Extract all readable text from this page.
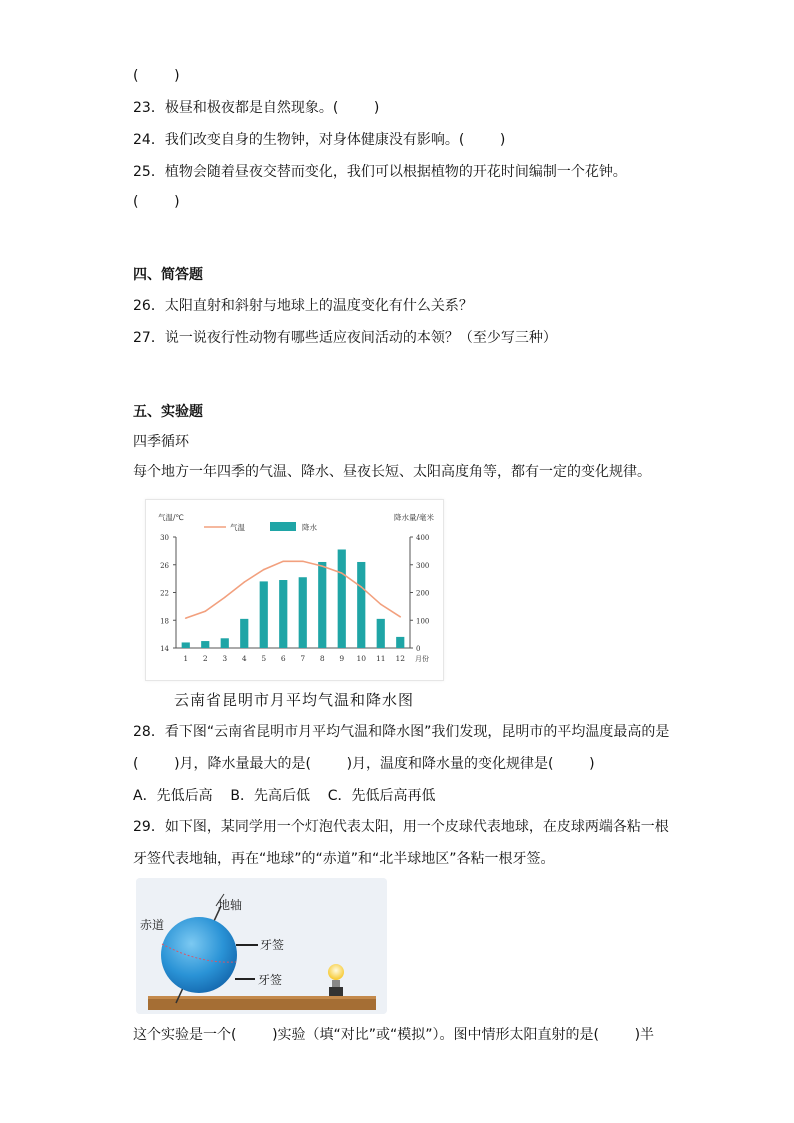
(        )
23．极昼和极夜都是自然现象。(        )
24．我们改变自身的生物钟，对身体健康没有影响。(        )
25．植物会随着昼夜交替而变化，我们可以根据植物的开花时间编制一个花钟。
(        )
四、简答题
26．太阳直射和斜射与地球上的温度变化有什么关系？
27．说一说夜行性动物有哪些适应夜间活动的本领？（至少写三种）
五、实验题
四季循环
每个地方一年四季的气温、降水、昼夜长短、太阳高度角等，都有一定的变化规律。
14
18
22
26
30
0
100
200
300
400
1 2 3 4 5 6 7 8 9 10 11 12 月份
气温/℃	降水量/毫米
气温	降水
云南省昆明市月平均气温和降水图
28．看下图“云南省昆明市月平均气温和降水图”我们发现，昆明市的平均温度最高的是
(        )月，降水量最大的是(        )月，温度和降水量的变化规律是(        )
A．先低后高    B．先高后低    C．先低后高再低
29．如下图，某同学用一个灯泡代表太阳，用一个皮球代表地球，在皮球两端各粘一根
牙签代表地轴，再在“地球”的“赤道”和“北半球地区”各粘一根牙签。
地轴
赤道
牙签
牙签
这个实验是一个(        )实验（填“对比”或“模拟”）。图中情形太阳直射的是(        )半
